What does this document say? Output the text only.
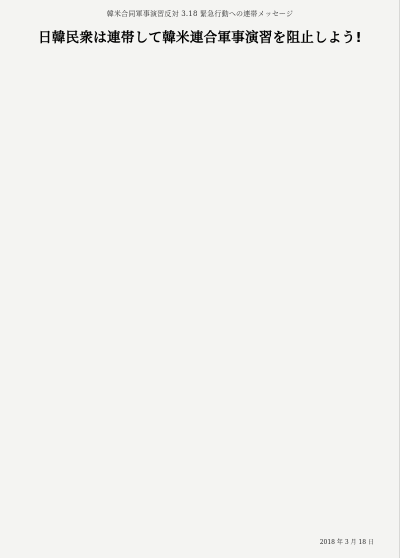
韓米合同軍事演習反対 3.18 緊急行動への連帯メッセージ
日韓民衆は連帯して韓米連合軍事演習を阻止しよう!
2018 年 3 月 18 日
